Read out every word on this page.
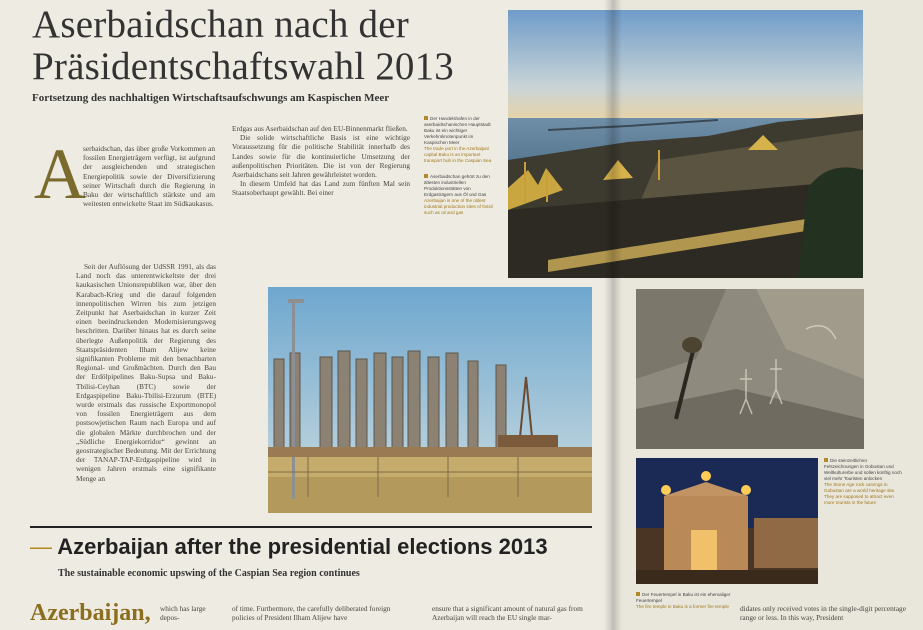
Aserbaidschan nach der
Präsidentschaftswahl 2013
Fortsetzung des nachhaltigen Wirtschaftsaufschwungs am Kaspischen Meer
A
serbaidschan, das über große Vorkommen an fossilen Energieträgern verfügt, ist aufgrund der ausgleichenden und strategischen Energiepolitik sowie der Diversifizierung seiner Wirtschaft durch die Regierung in Baku der wirtschaftlich stärkste und am weitesten entwickelte Staat im Südkaukasus.
Seit der Auflösung der UdSSR 1991, als das Land noch das unterentwickeltste der drei kaukasischen Unionsrepubliken war, über den Karabach-Krieg und die darauf folgenden innenpolitischen Wirren bis zum jetzigen Zeitpunkt hat Aserbaidschan in kurzer Zeit einen beeindruckenden Modernisierungsweg beschritten. Darüber hinaus hat es durch seine überlegte Außenpolitik der Regierung des Staatspräsidenten Ilham Alijew keine signifikanten Probleme mit den benachbarten Regional- und Großmächten. Durch den Bau der Erdölpipelines Baku-Supsa und Baku-Tbilisi-Ceyhan (BTC) sowie der Erdgaspipeline Baku-Tbilisi-Erzurum (BTE) wurde erstmals das russische Exportmonopol von fossilen Energieträgern aus dem postsowjetischen Raum nach Europa und auf die globalen Märkte durchbrochen und der „Südliche Energiekorridor“ gewinnt an geostrategischer Bedeutung. Mit der Errichtung der TANAP-TAP-Erdgaspipeline wird in wenigen Jahren erstmals eine signifikante Menge an
Erdgas aus Aserbaidschan auf den EU-Binnenmarkt fließen.
Die solide wirtschaftliche Basis ist eine wichtige Voraussetzung für die politische Stabilität innerhalb des Landes sowie für die kontinuierliche Umsetzung der außenpolitischen Prioritäten. Die ist von der Regierung Aserbaidschans seit Jahren gewährleistet worden.
In diesem Umfeld hat das Land zum fünften Mal sein Staatsoberhaupt gewählt. Bei einer
Der Handelshafen in der aserbaidschanischen Hauptstadt Baku ist ein wichtiger Verkehrsknotenpunkt im Kaspischen Meer
The trade port in the Azerbaijani capital Baku is an important transport hub in the Caspian Sea
Aserbaidschan gehört zu den ältesten industriellen Produktionsstätten von Erdgasträgern aus Öl und Gas
Azerbaijan is one of the oldest industrial production sites of fossil such as oil and gas
Die steinzeitlichen Felszeichnungen in Gobustan und Weltkulturerbe und sollen künftig noch viel mehr Touristen anlocken
The Stone Age rock carvings in Gobustan are a world heritage site. They are supposed to attract even more tourists in the future
Der Feuertempel in Baku ist ein ehemaliger Feuertempel
The fire temple in Baku is a former fire temple
— Azerbaijan after the presidential elections 2013
The sustainable economic upswing of the Caspian Sea region continues
Azerbaijan, which has large depos-
of time. Furthermore, the carefully deliberated foreign policies of President Ilham Alijew have
ensure that a significant amount of natural gas from Azerbaijan will reach the EU single mar-
didates only received votes in the single-digit percentage range or less. In this way, President
